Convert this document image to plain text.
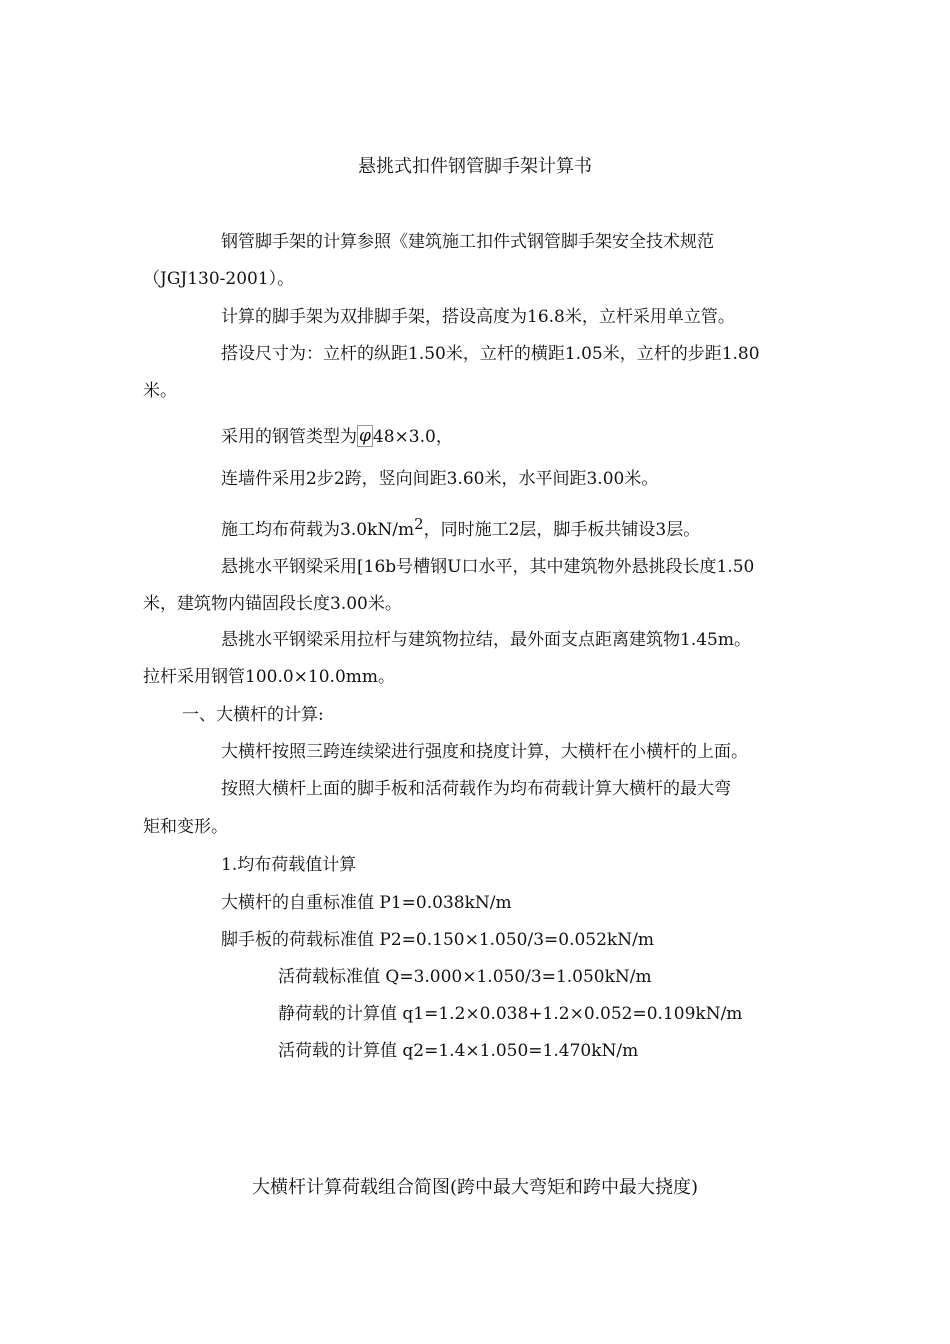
悬挑式扣件钢管脚手架计算书
钢管脚手架的计算参照《建筑施工扣件式钢管脚手架安全技术规范
（JGJ130-2001）。
计算的脚手架为双排脚手架，搭设高度为16.8米，立杆采用单立管。
搭设尺寸为：立杆的纵距1.50米，立杆的横距1.05米，立杆的步距1.80
米。
采用的钢管类型为 φ 48×3.0，
连墙件采用2步2跨，竖向间距3.60米，水平间距3.00米。
施工均布荷载为3.0kN/m2，同时施工2层，脚手板共铺设3层。
悬挑水平钢梁采用[16b号槽钢U口水平，其中建筑物外悬挑段长度1.50
米，建筑物内锚固段长度3.00米。
悬挑水平钢梁采用拉杆与建筑物拉结，最外面支点距离建筑物1.45m。
拉杆采用钢管100.0×10.0mm。
一、大横杆的计算:
大横杆按照三跨连续梁进行强度和挠度计算，大横杆在小横杆的上面。
按照大横杆上面的脚手板和活荷载作为均布荷载计算大横杆的最大弯
矩和变形。
1.均布荷载值计算
大横杆的自重标准值 P1=0.038kN/m
脚手板的荷载标准值 P2=0.150×1.050/3=0.052kN/m
活荷载标准值 Q=3.000×1.050/3=1.050kN/m
静荷载的计算值 q1=1.2×0.038+1.2×0.052=0.109kN/m
活荷载的计算值 q2=1.4×1.050=1.470kN/m
大横杆计算荷载组合简图(跨中最大弯矩和跨中最大挠度)
